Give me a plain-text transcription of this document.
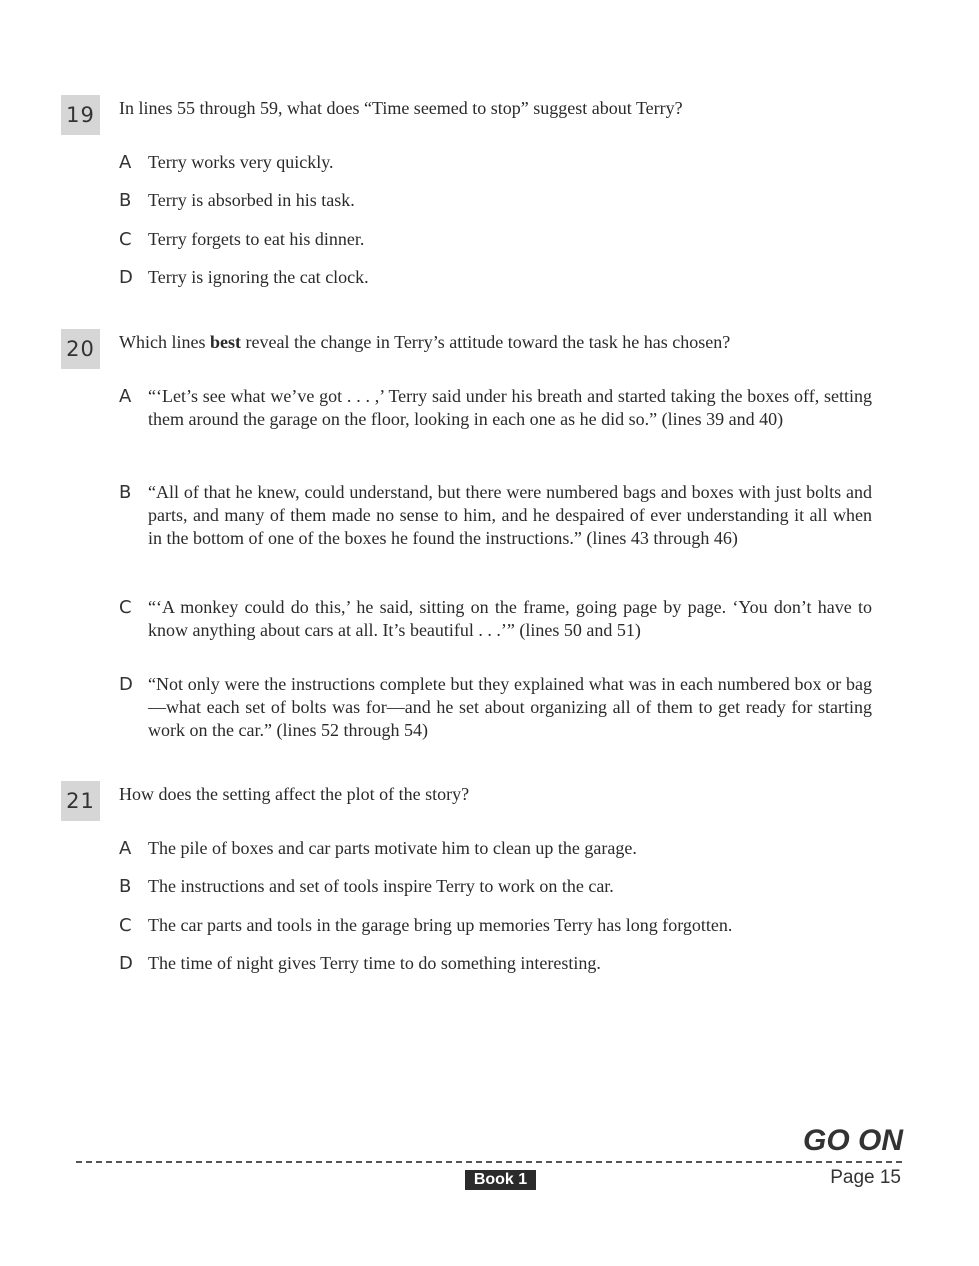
19 In lines 55 through 59, what does “Time seemed to stop” suggest about Terry?
A Terry works very quickly.
B Terry is absorbed in his task.
C Terry forgets to eat his dinner.
D Terry is ignoring the cat clock.
20 Which lines best reveal the change in Terry’s attitude toward the task he has chosen?
A “‘Let’s see what we’ve got . . . ,’ Terry said under his breath and started taking the boxes off, setting them around the garage on the floor, looking in each one as he did so.” (lines 39 and 40)
B “All of that he knew, could understand, but there were numbered bags and boxes with just bolts and parts, and many of them made no sense to him, and he despaired of ever understanding it all when in the bottom of one of the boxes he found the instructions.” (lines 43 through 46)
C “‘A monkey could do this,’ he said, sitting on the frame, going page by page. ‘You don’t have to know anything about cars at all. It’s beautiful . . .’” (lines 50 and 51)
D “Not only were the instructions complete but they explained what was in each numbered box or bag—what each set of bolts was for—and he set about organizing all of them to get ready for starting work on the car.” (lines 52 through 54)
21 How does the setting affect the plot of the story?
A The pile of boxes and car parts motivate him to clean up the garage.
B The instructions and set of tools inspire Terry to work on the car.
C The car parts and tools in the garage bring up memories Terry has long forgotten.
D The time of night gives Terry time to do something interesting.
GO ON
Book 1	Page 15
